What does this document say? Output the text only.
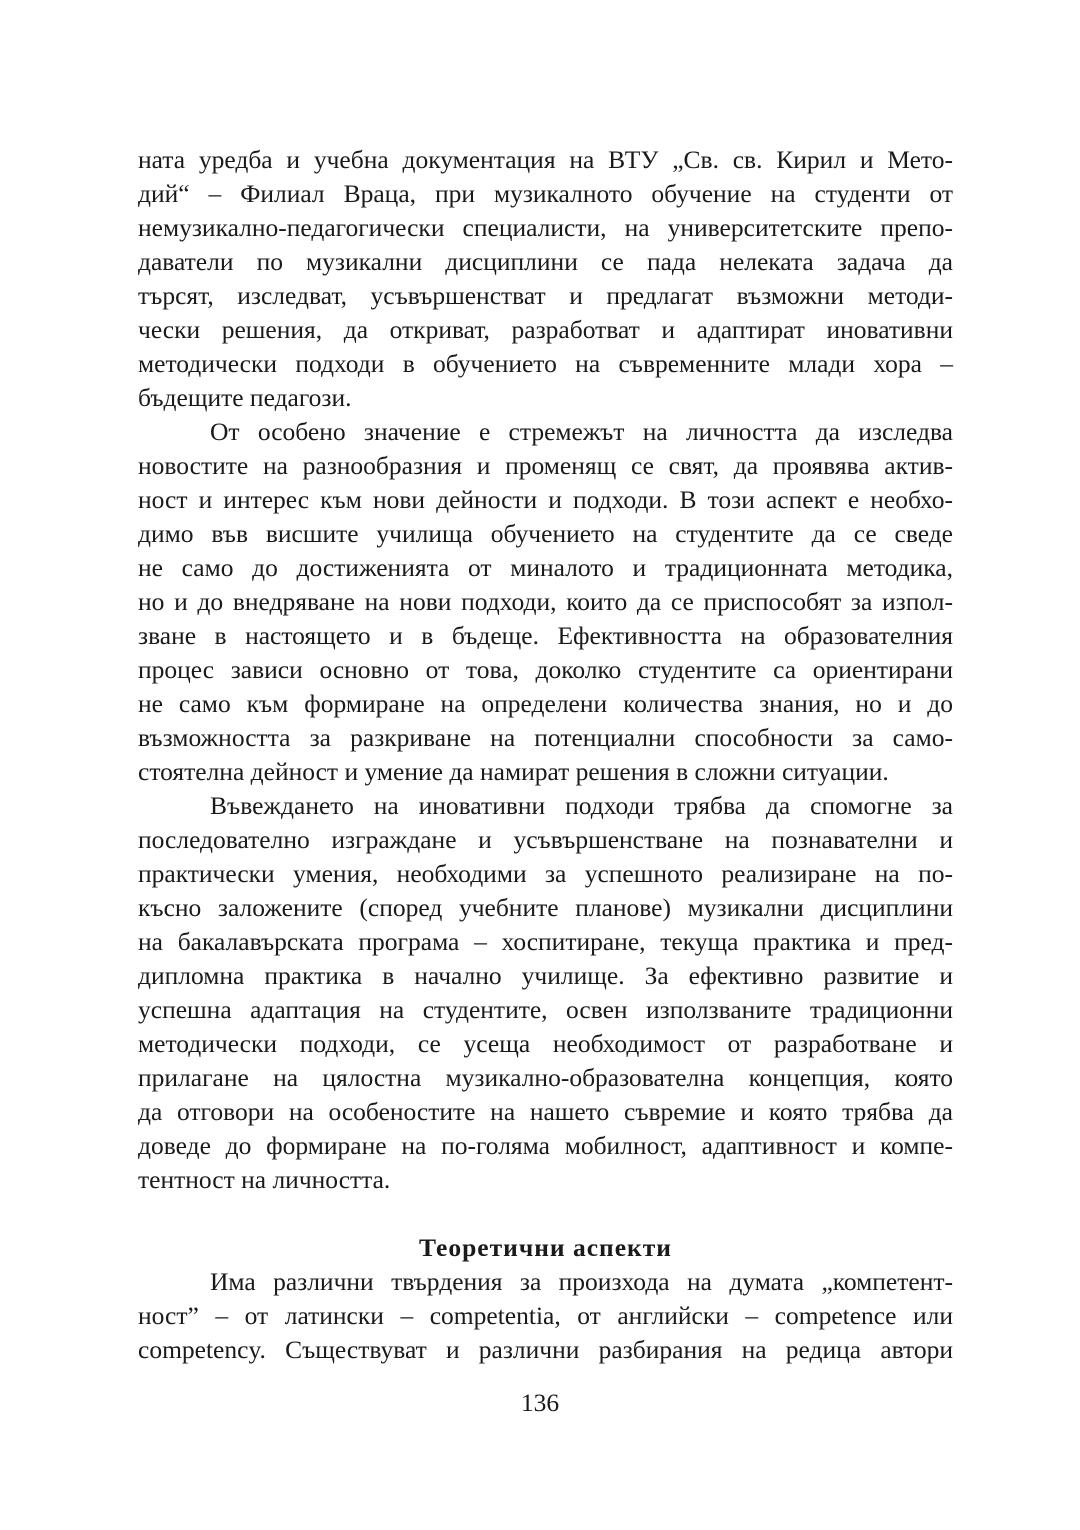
ната уредба и учебна документация на ВТУ „Св. св. Кирил и Мето-
дий“ – Филиал Враца, при музикалното обучение на студенти от
немузикално-педагогически специалисти, на университетските препо-
даватели по музикални дисциплини се пада нелеката задача да
търсят, изследват, усъвършенстват и предлагат възможни методи-
чески решения, да откриват, разработват и адаптират иновативни
методически подходи в обучението на съвременните млади хора –
бъдещите педагози.
От особено значение е стремежът на личността да изследва
новостите на разнообразния и променящ се свят, да проявява актив-
ност и интерес към нови дейности и подходи. В този аспект е необхо-
димо във висшите училища обучението на студентите да се сведе
не само до достиженията от миналото и традиционната методика,
но и до внедряване на нови подходи, които да се приспособят за изпол-
зване в настоящето и в бъдеще. Ефективността на образователния
процес зависи основно от това, доколко студентите са ориентирани
не само към формиране на определени количества знания, но и до
възможността за разкриване на потенциални способности за само-
стоятелна дейност и умение да намират решения в сложни ситуации.
Въвеждането на иновативни подходи трябва да спомогне за
последователно изграждане и усъвършенстване на познавателни и
практически умения, необходими за успешното реализиране на по-
късно заложените (според учебните планове) музикални дисциплини
на бакалавърската програма – хоспитиране, текуща практика и пред-
дипломна практика в начално училище. За ефективно развитие и
успешна адаптация на студентите, освен използваните традиционни
методически подходи, се усеща необходимост от разработване и
прилагане на цялостна музикално-образователна концепция, която
да отговори на особеностите на нашето съвремие и която трябва да
доведе до формиране на по-голяма мобилност, адаптивност и компе-
тентност на личността.
Теоретични аспекти
Има различни твърдения за произхода на думата „компетент-
ност” – от латински – competentia, от английски – competence или
competency. Съществуват и различни разбирания на редица автори
136
